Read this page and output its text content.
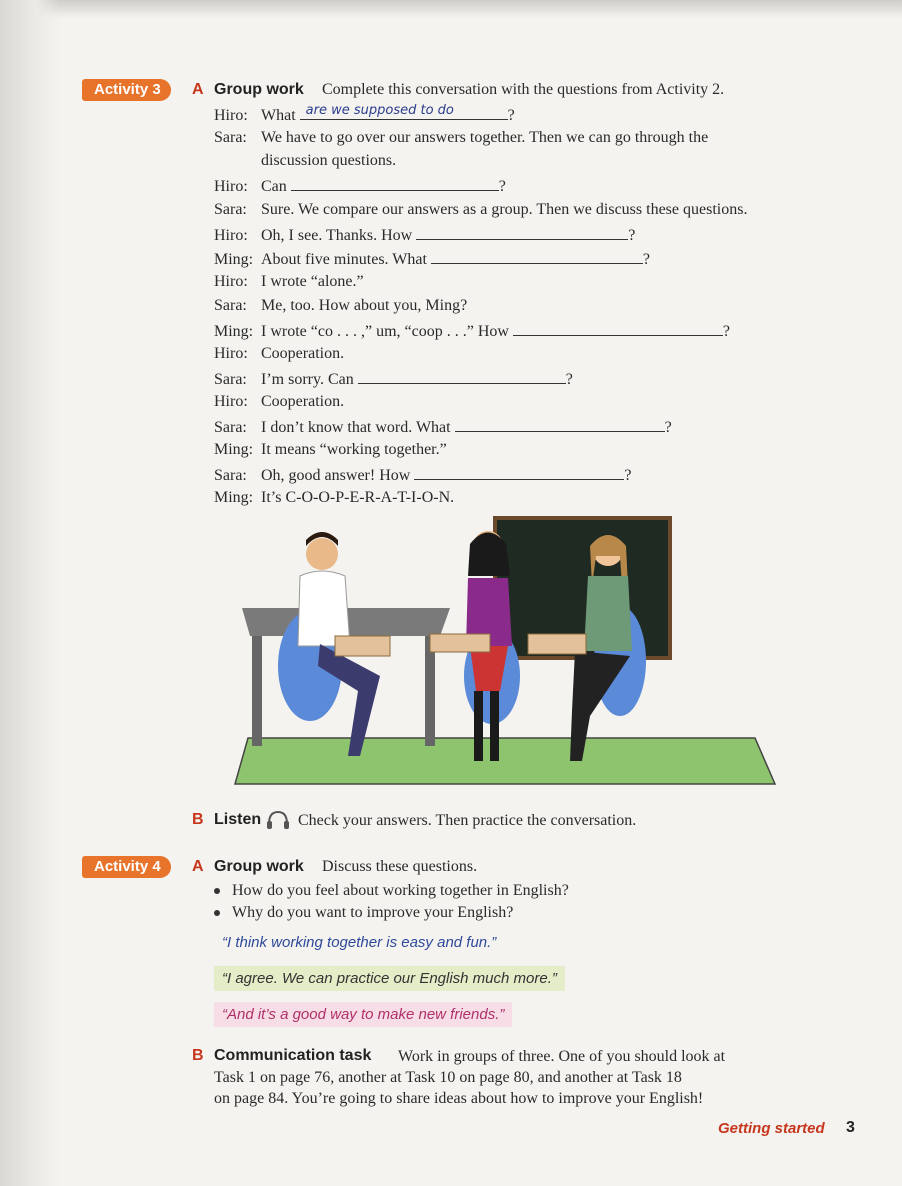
Activity 3	A Group work Complete this conversation with the questions from Activity 2.
Hiro: What are we supposed to do	?
Sara: We have to go over our answers together. Then we can go through the
discussion questions.
Hiro: Can	?
Sara: Sure. We compare our answers as a group. Then we discuss these questions.
Hiro: Oh, I see. Thanks. How	?
Ming: About five minutes. What	?
Hiro: I wrote “alone.”
Sara: Me, too. How about you, Ming?
Ming: I wrote “co . . . ,” um, “coop . . .” How	?
Hiro: Cooperation.
Sara: I’m sorry. Can	?
Hiro: Cooperation.
Sara: I don’t know that word. What	?
Ming: It means “working together.”
Sara: Oh, good answer! How	?
Ming: It’s C-O-O-P-E-R-A-T-I-O-N.
B Listen Check your answers. Then practice the conversation.
Activity 4	A Group work Discuss these questions.
How do you feel about working together in English?
Why do you want to improve your English?
“I think working together is easy and fun.”
“I agree. We can practice our English much more.”
“And it’s a good way to make new friends.”
B Communication task Work in groups of three. One of you should look at
Task 1 on page 76, another at Task 10 on page 80, and another at Task 18
on page 84. You’re going to share ideas about how to improve your English!
Getting started 3
